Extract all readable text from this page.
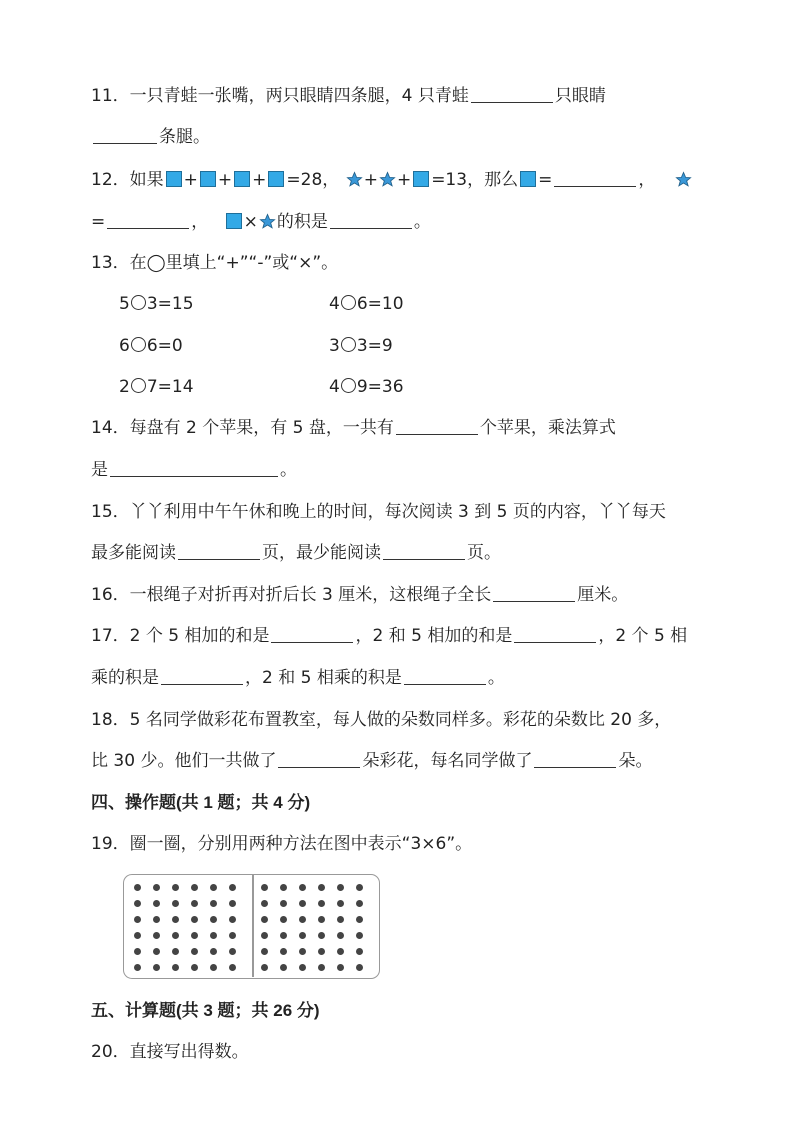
11．一只青蛙一张嘴，两只眼睛四条腿，4 只青蛙	只眼睛
条腿。
12．如果 + + + =28， + + =13，那么 =	，
=	， × 的积是	。
13．在◯里填上“+”“-”或“×”。
5 3=15	4 6=10
6 6=0	3 3=9
2 7=14	4 9=36
14．每盘有 2 个苹果，有 5 盘，一共有	个苹果，乘法算式
是	。
15．丫丫利用中午午休和晚上的时间，每次阅读 3 到 5 页的内容，丫丫每天
最多能阅读	页，最少能阅读	页。
16．一根绳子对折再对折后长 3 厘米，这根绳子全长	厘米。
17．2 个 5 相加的和是	，2 和 5 相加的和是	，2 个 5 相
乘的积是	，2 和 5 相乘的积是	。
18．5 名同学做彩花布置教室，每人做的朵数同样多。彩花的朵数比 20 多，
比 30 少。他们一共做了	朵彩花，每名同学做了	朵。
四、操作题(共 1 题；共 4 分)
19．圈一圈，分别用两种方法在图中表示“3×6”。
五、计算题(共 3 题；共 26 分)
20．直接写出得数。
